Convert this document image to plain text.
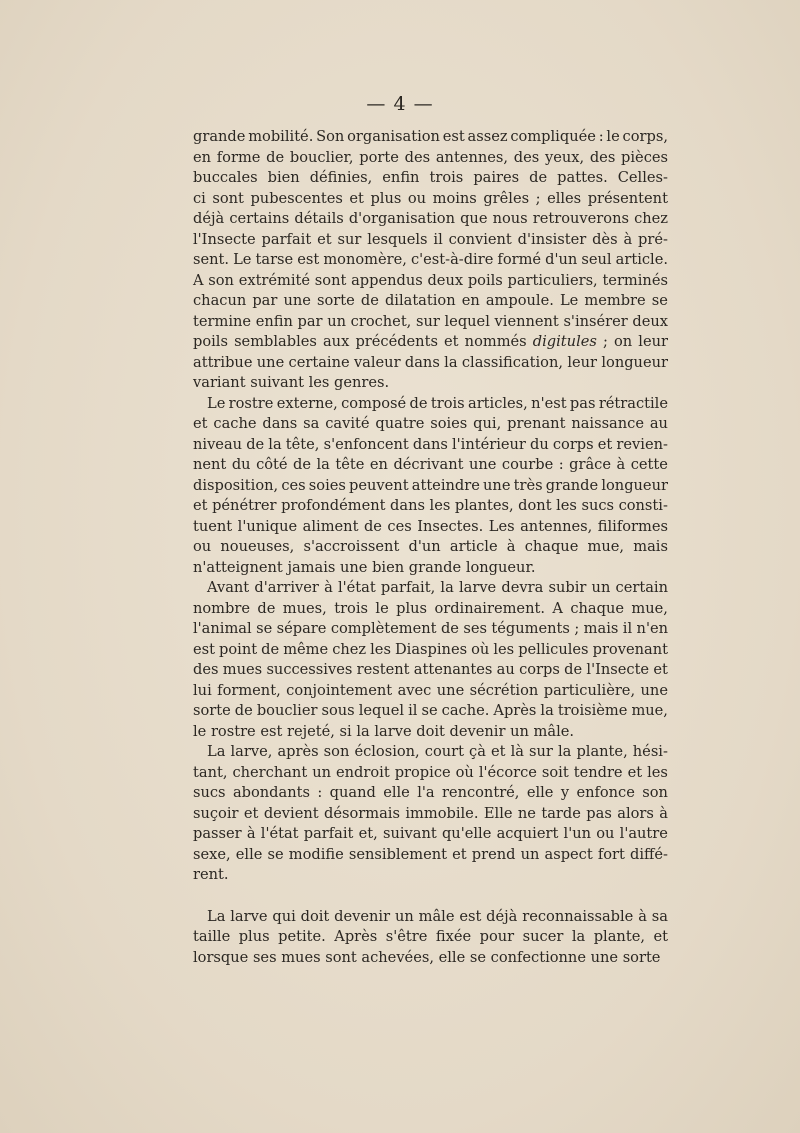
— 4 —
grande mobilité. Son organisation est assez compliquée : le corps,
en forme de bouclier, porte des antennes, des yeux, des pièces
buccales bien définies, enfin trois paires de pattes. Celles-
ci sont pubescentes et plus ou moins grêles ; elles présentent
déjà certains détails d'organisation que nous retrouverons chez
l'Insecte parfait et sur lesquels il convient d'insister dès à pré-
sent. Le tarse est monomère, c'est-à-dire formé d'un seul article.
A son extrémité sont appendus deux poils particuliers, terminés
chacun par une sorte de dilatation en ampoule. Le membre se
termine enfin par un crochet, sur lequel viennent s'insérer deux
poils semblables aux précédents et nommés digitules ; on leur
attribue une certaine valeur dans la classification, leur longueur
variant
suivant
les
genres.
Le rostre externe, composé de trois articles, n'est pas rétractile
et cache dans sa cavité quatre soies qui, prenant naissance au
niveau de la tête, s'enfoncent dans l'intérieur du corps et revien-
nent du côté de la tête en décrivant une courbe : grâce à cette
disposition, ces soies peuvent atteindre une très grande longueur
et pénétrer profondément dans les plantes, dont les sucs consti-
tuent l'unique aliment de ces Insectes. Les antennes, filiformes
ou noueuses, s'accroissent d'un article à chaque mue, mais
n'atteignent
jamais
une
bien
grande
longueur.
Avant d'arriver à l'état parfait, la larve devra subir un certain
nombre de mues, trois le plus ordinairement. A chaque mue,
l'animal se sépare complètement de ses téguments ; mais il n'en
est point de même chez les Diaspines où les pellicules provenant
des mues successives restent attenantes au corps de l'Insecte et
lui forment, conjointement avec une sécrétion particulière, une
sorte de bouclier sous lequel il se cache. Après la troisième mue,
le
rostre
est
rejeté,
si
la
larve
doit
devenir
un
mâle.
La larve, après son éclosion, court çà et là sur la plante, hési-
tant, cherchant un endroit propice où l'écorce soit tendre et les
sucs abondants : quand elle l'a rencontré, elle y enfonce son
suçoir et devient désormais immobile. Elle ne tarde pas alors à
passer à l'état parfait et, suivant qu'elle acquiert l'un ou l'autre
sexe, elle se modifie sensiblement et prend un aspect fort diffé-
rent.
La larve qui doit devenir un mâle est déjà reconnaissable à sa
taille plus petite. Après s'être fixée pour sucer la plante, et
lorsque
ses
mues
sont
achevées,
elle
se
confectionne
une
sorte
